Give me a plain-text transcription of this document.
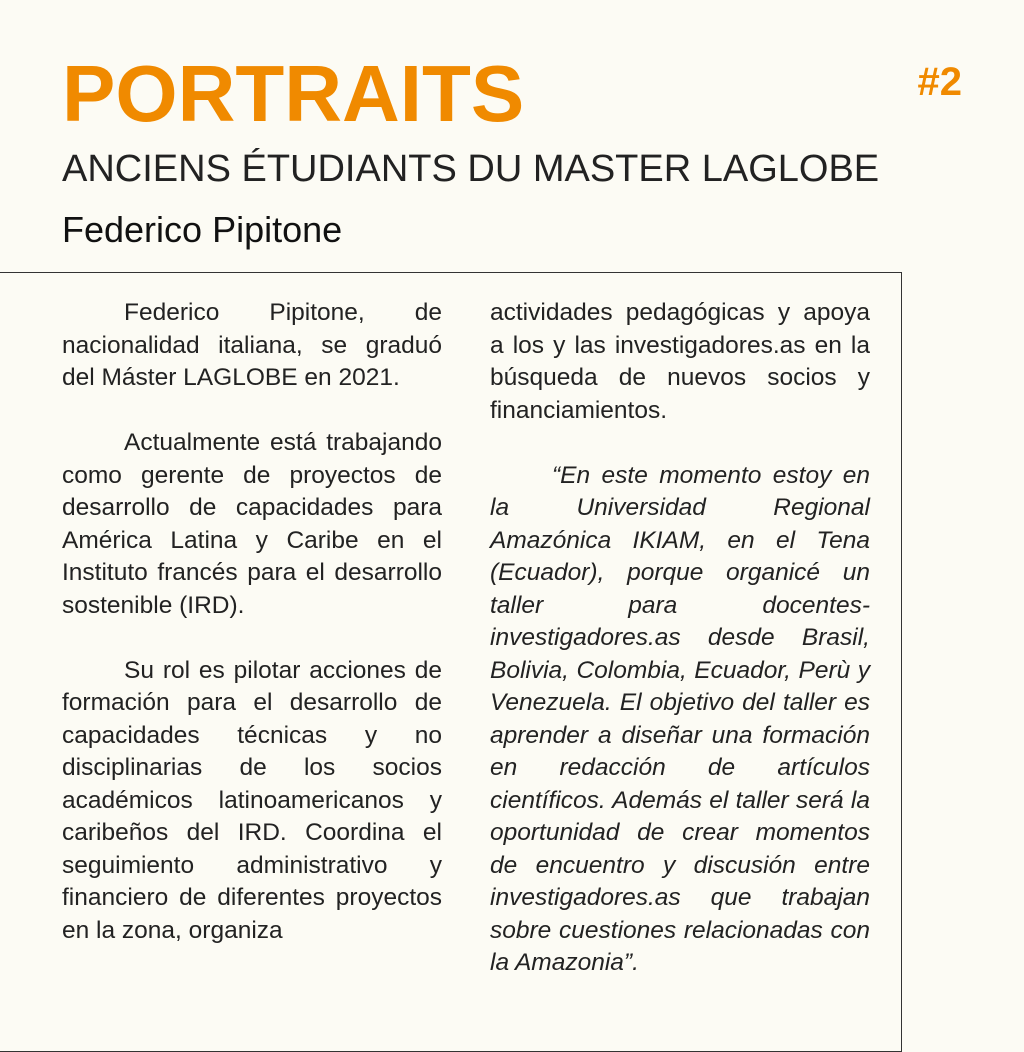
PORTRAITS	#2
ANCIENS ÉTUDIANTS DU MASTER LAGLOBE
Federico Pipitone

Federico Pipitone, de nacionalidad italiana, se graduó del Máster LAGLOBE en 2021.

Actualmente está trabajando como gerente de proyectos de desarrollo de capacidades para América Latina y Caribe en el Instituto francés para el desarrollo sostenible (IRD).

Su rol es pilotar acciones de formación para el desarrollo de capacidades técnicas y no disciplinarias de los socios académicos latinoamericanos y caribeños del IRD. Coordina el seguimiento administrativo y financiero de diferentes proyectos en la zona, organiza

actividades pedagógicas y apoya a los y las investigadores.as en la búsqueda de nuevos socios y financiamientos.

“En este momento estoy en la Universidad Regional Amazónica IKIAM, en el Tena (Ecuador), porque organicé un taller para docentes-investigadores.as desde Brasil, Bolivia, Colombia, Ecuador, Perù y Venezuela. El objetivo del taller es aprender a diseñar una formación en redacción de artículos científicos. Además el taller será la oportunidad de crear momentos de encuentro y discusión entre investigadores.as que trabajan sobre cuestiones relacionadas con la Amazonia”.
